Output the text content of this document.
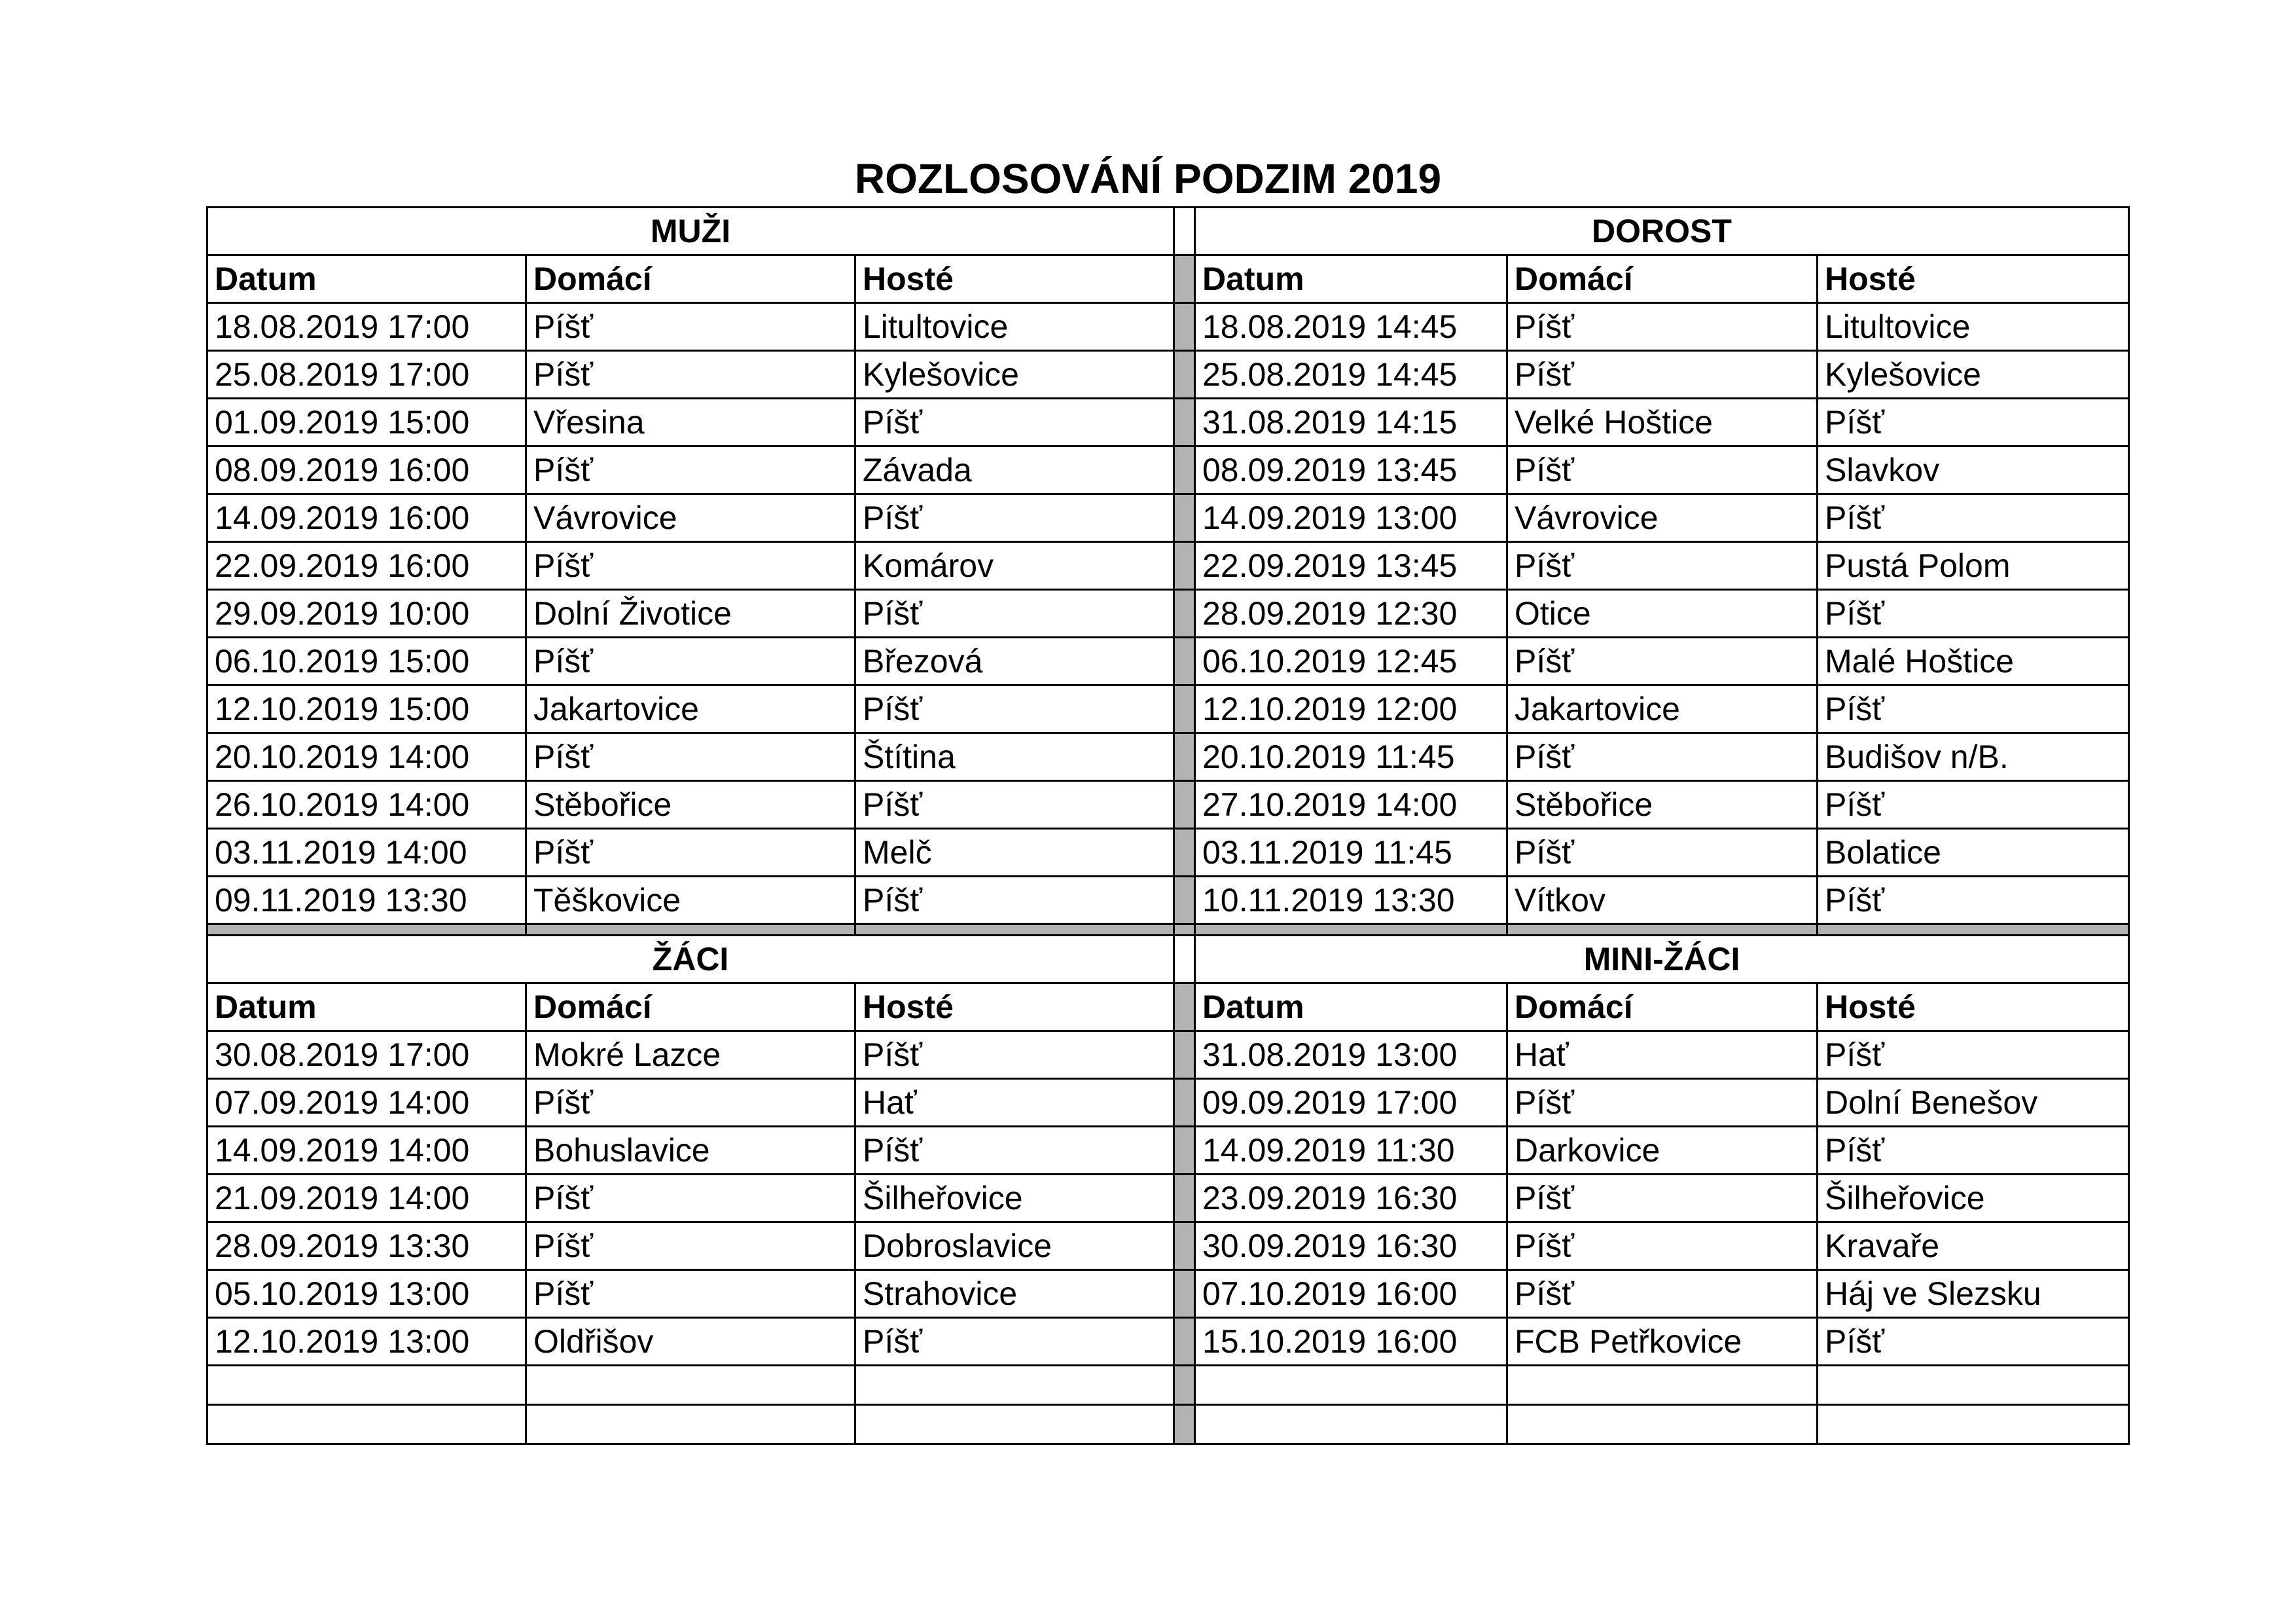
ROZLOSOVÁNÍ PODZIM 2019
MUŽI				DOROST		
Datum	Domácí	Hosté		Datum	Domácí	Hosté
18.08.2019 17:00	Píšť	Litultovice		18.08.2019 14:45	Píšť	Litultovice
25.08.2019 17:00	Píšť	Kylešovice		25.08.2019 14:45	Píšť	Kylešovice
01.09.2019 15:00	Vřesina	Píšť		31.08.2019 14:15	Velké Hoštice	Píšť
08.09.2019 16:00	Píšť	Závada		08.09.2019 13:45	Píšť	Slavkov
14.09.2019 16:00	Vávrovice	Píšť		14.09.2019 13:00	Vávrovice	Píšť
22.09.2019 16:00	Píšť	Komárov		22.09.2019 13:45	Píšť	Pustá Polom
29.09.2019 10:00	Dolní Životice	Píšť		28.09.2019 12:30	Otice	Píšť
06.10.2019 15:00	Píšť	Březová		06.10.2019 12:45	Píšť	Malé Hoštice
12.10.2019 15:00	Jakartovice	Píšť		12.10.2019 12:00	Jakartovice	Píšť
20.10.2019 14:00	Píšť	Štítina		20.10.2019 11:45	Píšť	Budišov n/B.
26.10.2019 14:00	Stěbořice	Píšť		27.10.2019 14:00	Stěbořice	Píšť
03.11.2019 14:00	Píšť	Melč		03.11.2019 11:45	Píšť	Bolatice
09.11.2019 13:30	Těškovice	Píšť		10.11.2019 13:30	Vítkov	Píšť

ŽÁCI				MINI-ŽÁCI		
Datum	Domácí	Hosté		Datum	Domácí	Hosté
30.08.2019 17:00	Mokré Lazce	Píšť		31.08.2019 13:00	Hať	Píšť
07.09.2019 14:00	Píšť	Hať		09.09.2019 17:00	Píšť	Dolní Benešov
14.09.2019 14:00	Bohuslavice	Píšť		14.09.2019 11:30	Darkovice	Píšť
21.09.2019 14:00	Píšť	Šilheřovice		23.09.2019 16:30	Píšť	Šilheřovice
28.09.2019 13:30	Píšť	Dobroslavice		30.09.2019 16:30	Píšť	Kravaře
05.10.2019 13:00	Píšť	Strahovice		07.10.2019 16:00	Píšť	Háj ve Slezsku
12.10.2019 13:00	Oldřišov	Píšť		15.10.2019 16:00	FCB Petřkovice	Píšť
